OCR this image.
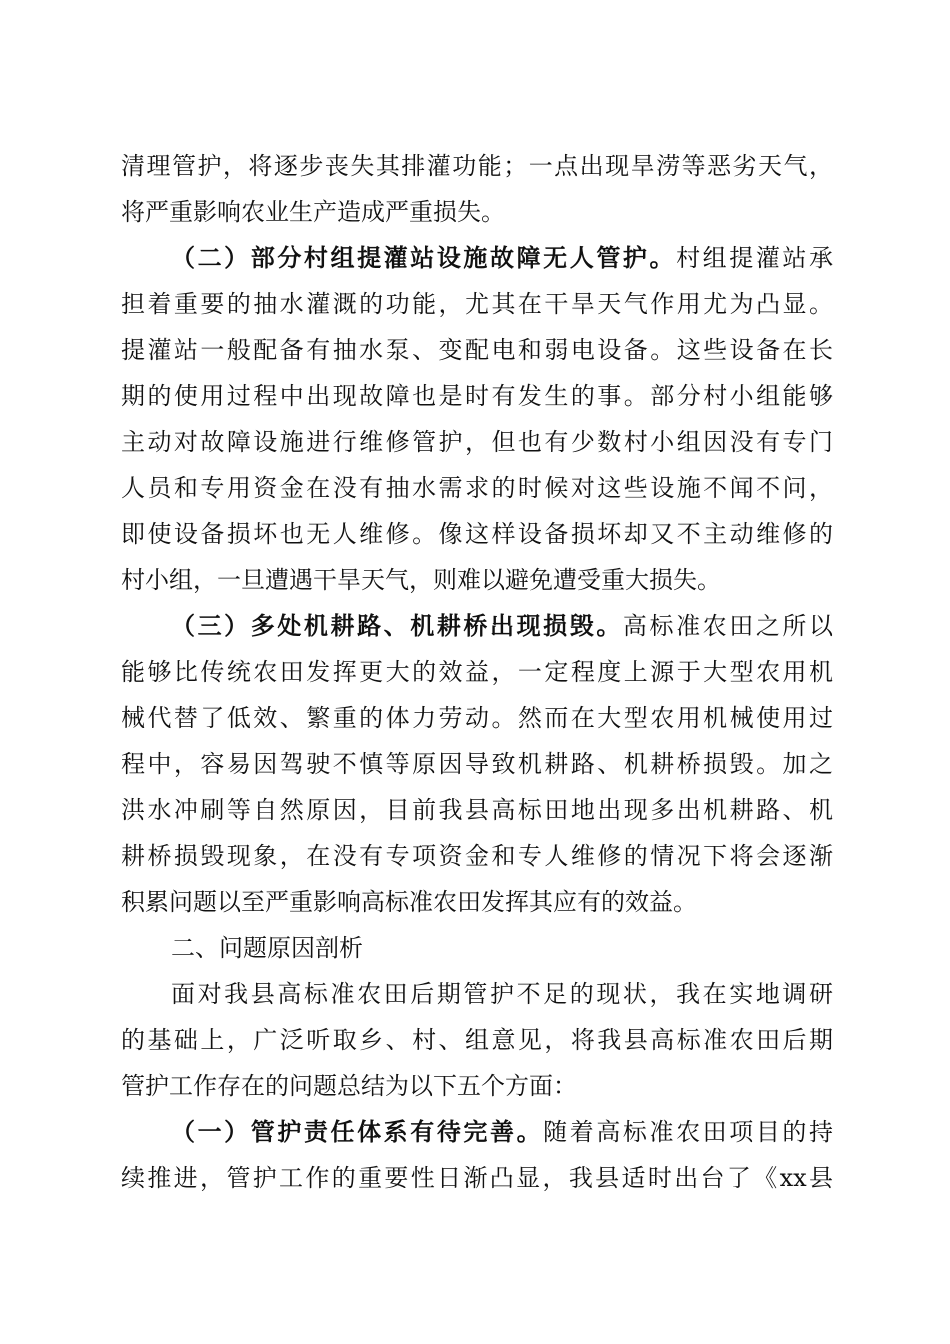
清理管护，将逐步丧失其排灌功能；一点出现旱涝等恶劣天气，
将严重影响农业生产造成严重损失。
（二）部分村组提灌站设施故障无人管护。村组提灌站承
担着重要的抽水灌溉的功能，尤其在干旱天气作用尤为凸显。
提灌站一般配备有抽水泵、变配电和弱电设备。这些设备在长
期的使用过程中出现故障也是时有发生的事。部分村小组能够
主动对故障设施进行维修管护，但也有少数村小组因没有专门
人员和专用资金在没有抽水需求的时候对这些设施不闻不问，
即使设备损坏也无人维修。像这样设备损坏却又不主动维修的
村小组，一旦遭遇干旱天气，则难以避免遭受重大损失。
（三）多处机耕路、机耕桥出现损毁。高标准农田之所以
能够比传统农田发挥更大的效益，一定程度上源于大型农用机
械代替了低效、繁重的体力劳动。然而在大型农用机械使用过
程中，容易因驾驶不慎等原因导致机耕路、机耕桥损毁。加之
洪水冲刷等自然原因，目前我县高标田地出现多出机耕路、机
耕桥损毁现象，在没有专项资金和专人维修的情况下将会逐渐
积累问题以至严重影响高标准农田发挥其应有的效益。
二、问题原因剖析
面对我县高标准农田后期管护不足的现状，我在实地调研
的基础上，广泛听取乡、村、组意见，将我县高标准农田后期
管护工作存在的问题总结为以下五个方面：
（一）管护责任体系有待完善。随着高标准农田项目的持
续推进，管护工作的重要性日渐凸显，我县适时出台了《xx县
